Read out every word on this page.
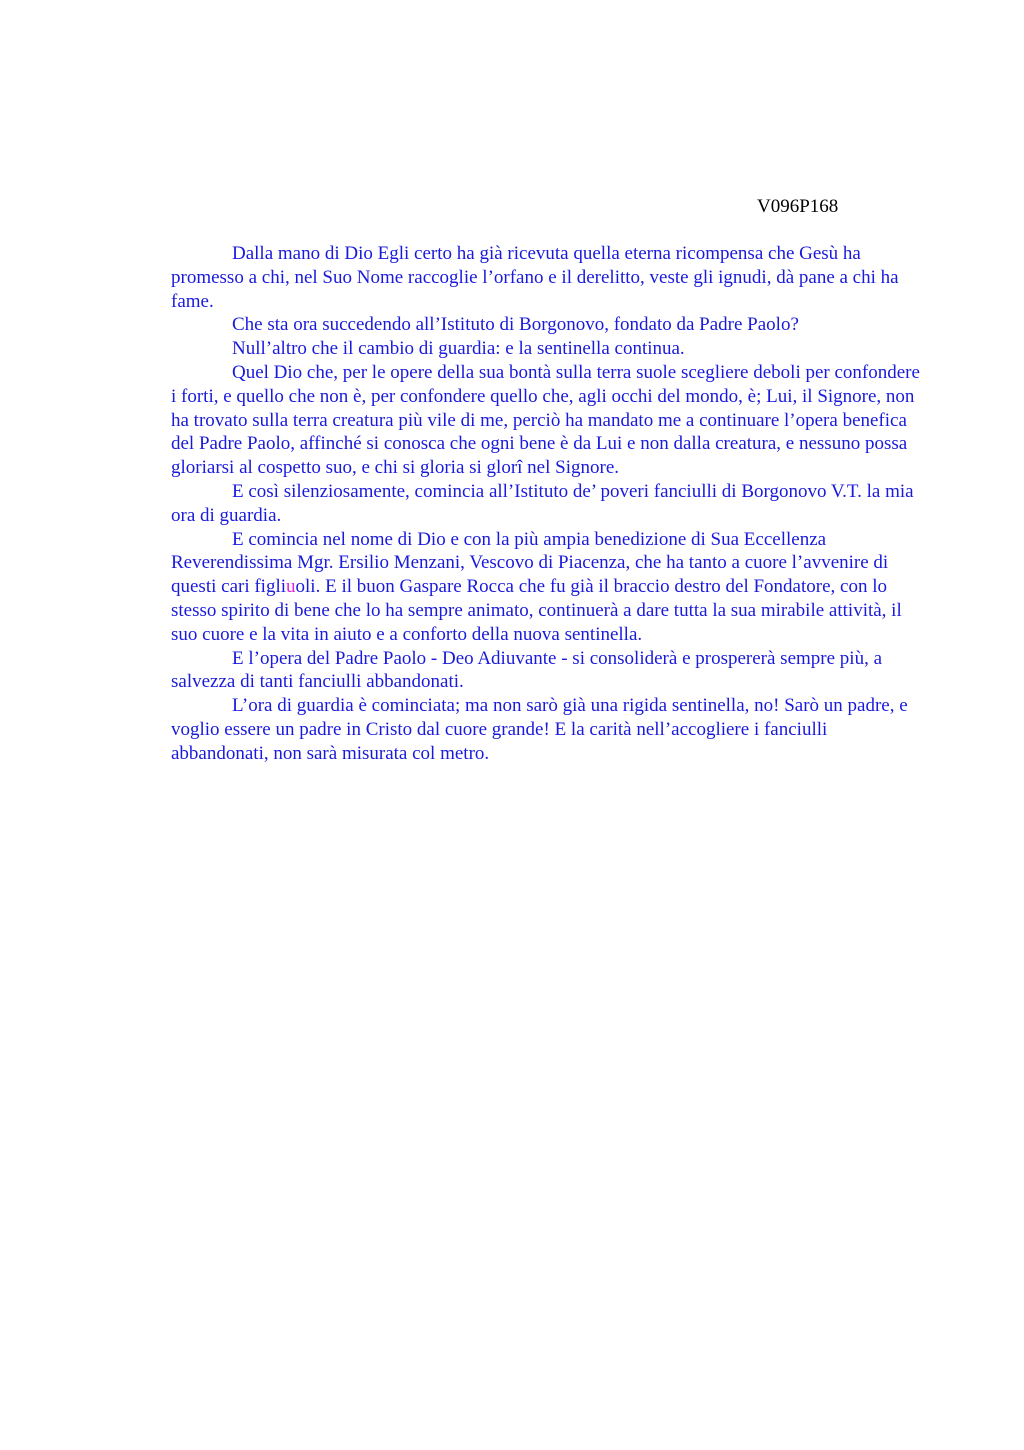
V096P168

Dalla mano di Dio Egli certo ha già ricevuta quella eterna ricompensa che Gesù ha promesso a chi, nel Suo Nome raccoglie l’orfano e il derelitto, veste gli ignudi, dà pane a chi ha fame.

Che sta ora succedendo all’Istituto di Borgonovo, fondato da Padre Paolo?

Null’altro che il cambio di guardia: e la sentinella continua.

Quel Dio che, per le opere della sua bontà sulla terra suole scegliere deboli per confondere i forti, e quello che non è, per confondere quello che, agli occhi del mondo, è; Lui, il Signore, non ha trovato sulla terra creatura più vile di me, perciò ha mandato me a continuare l’opera benefica del Padre Paolo, affinché si conosca che ogni bene è da Lui e non dalla creatura, e nessuno possa gloriarsi al cospetto suo, e chi si gloria si glorî nel Signore.

E così silenziosamente, comincia all’Istituto de’ poveri fanciulli di Borgonovo V.T. la mia ora di guardia.

E comincia nel nome di Dio e con la più ampia benedizione di Sua Eccellenza Reverendissima Mgr. Ersilio Menzani, Vescovo di Piacenza, che ha tanto a cuore l’avvenire di questi cari figliuoli. E il buon Gaspare Rocca che fu già il braccio destro del Fondatore, con lo stesso spirito di bene che lo ha sempre animato, continuerà a dare tutta la sua mirabile attività, il suo cuore e la vita in aiuto e a conforto della nuova sentinella.

E l’opera del Padre Paolo - Deo Adiuvante - si consoliderà e prospererà sempre più, a salvezza di tanti fanciulli abbandonati.

L’ora di guardia è cominciata; ma non sarò già una rigida sentinella, no! Sarò un padre, e voglio essere un padre in Cristo dal cuore grande! E la carità nell’accogliere i fanciulli abbandonati, non sarà misurata col metro.
